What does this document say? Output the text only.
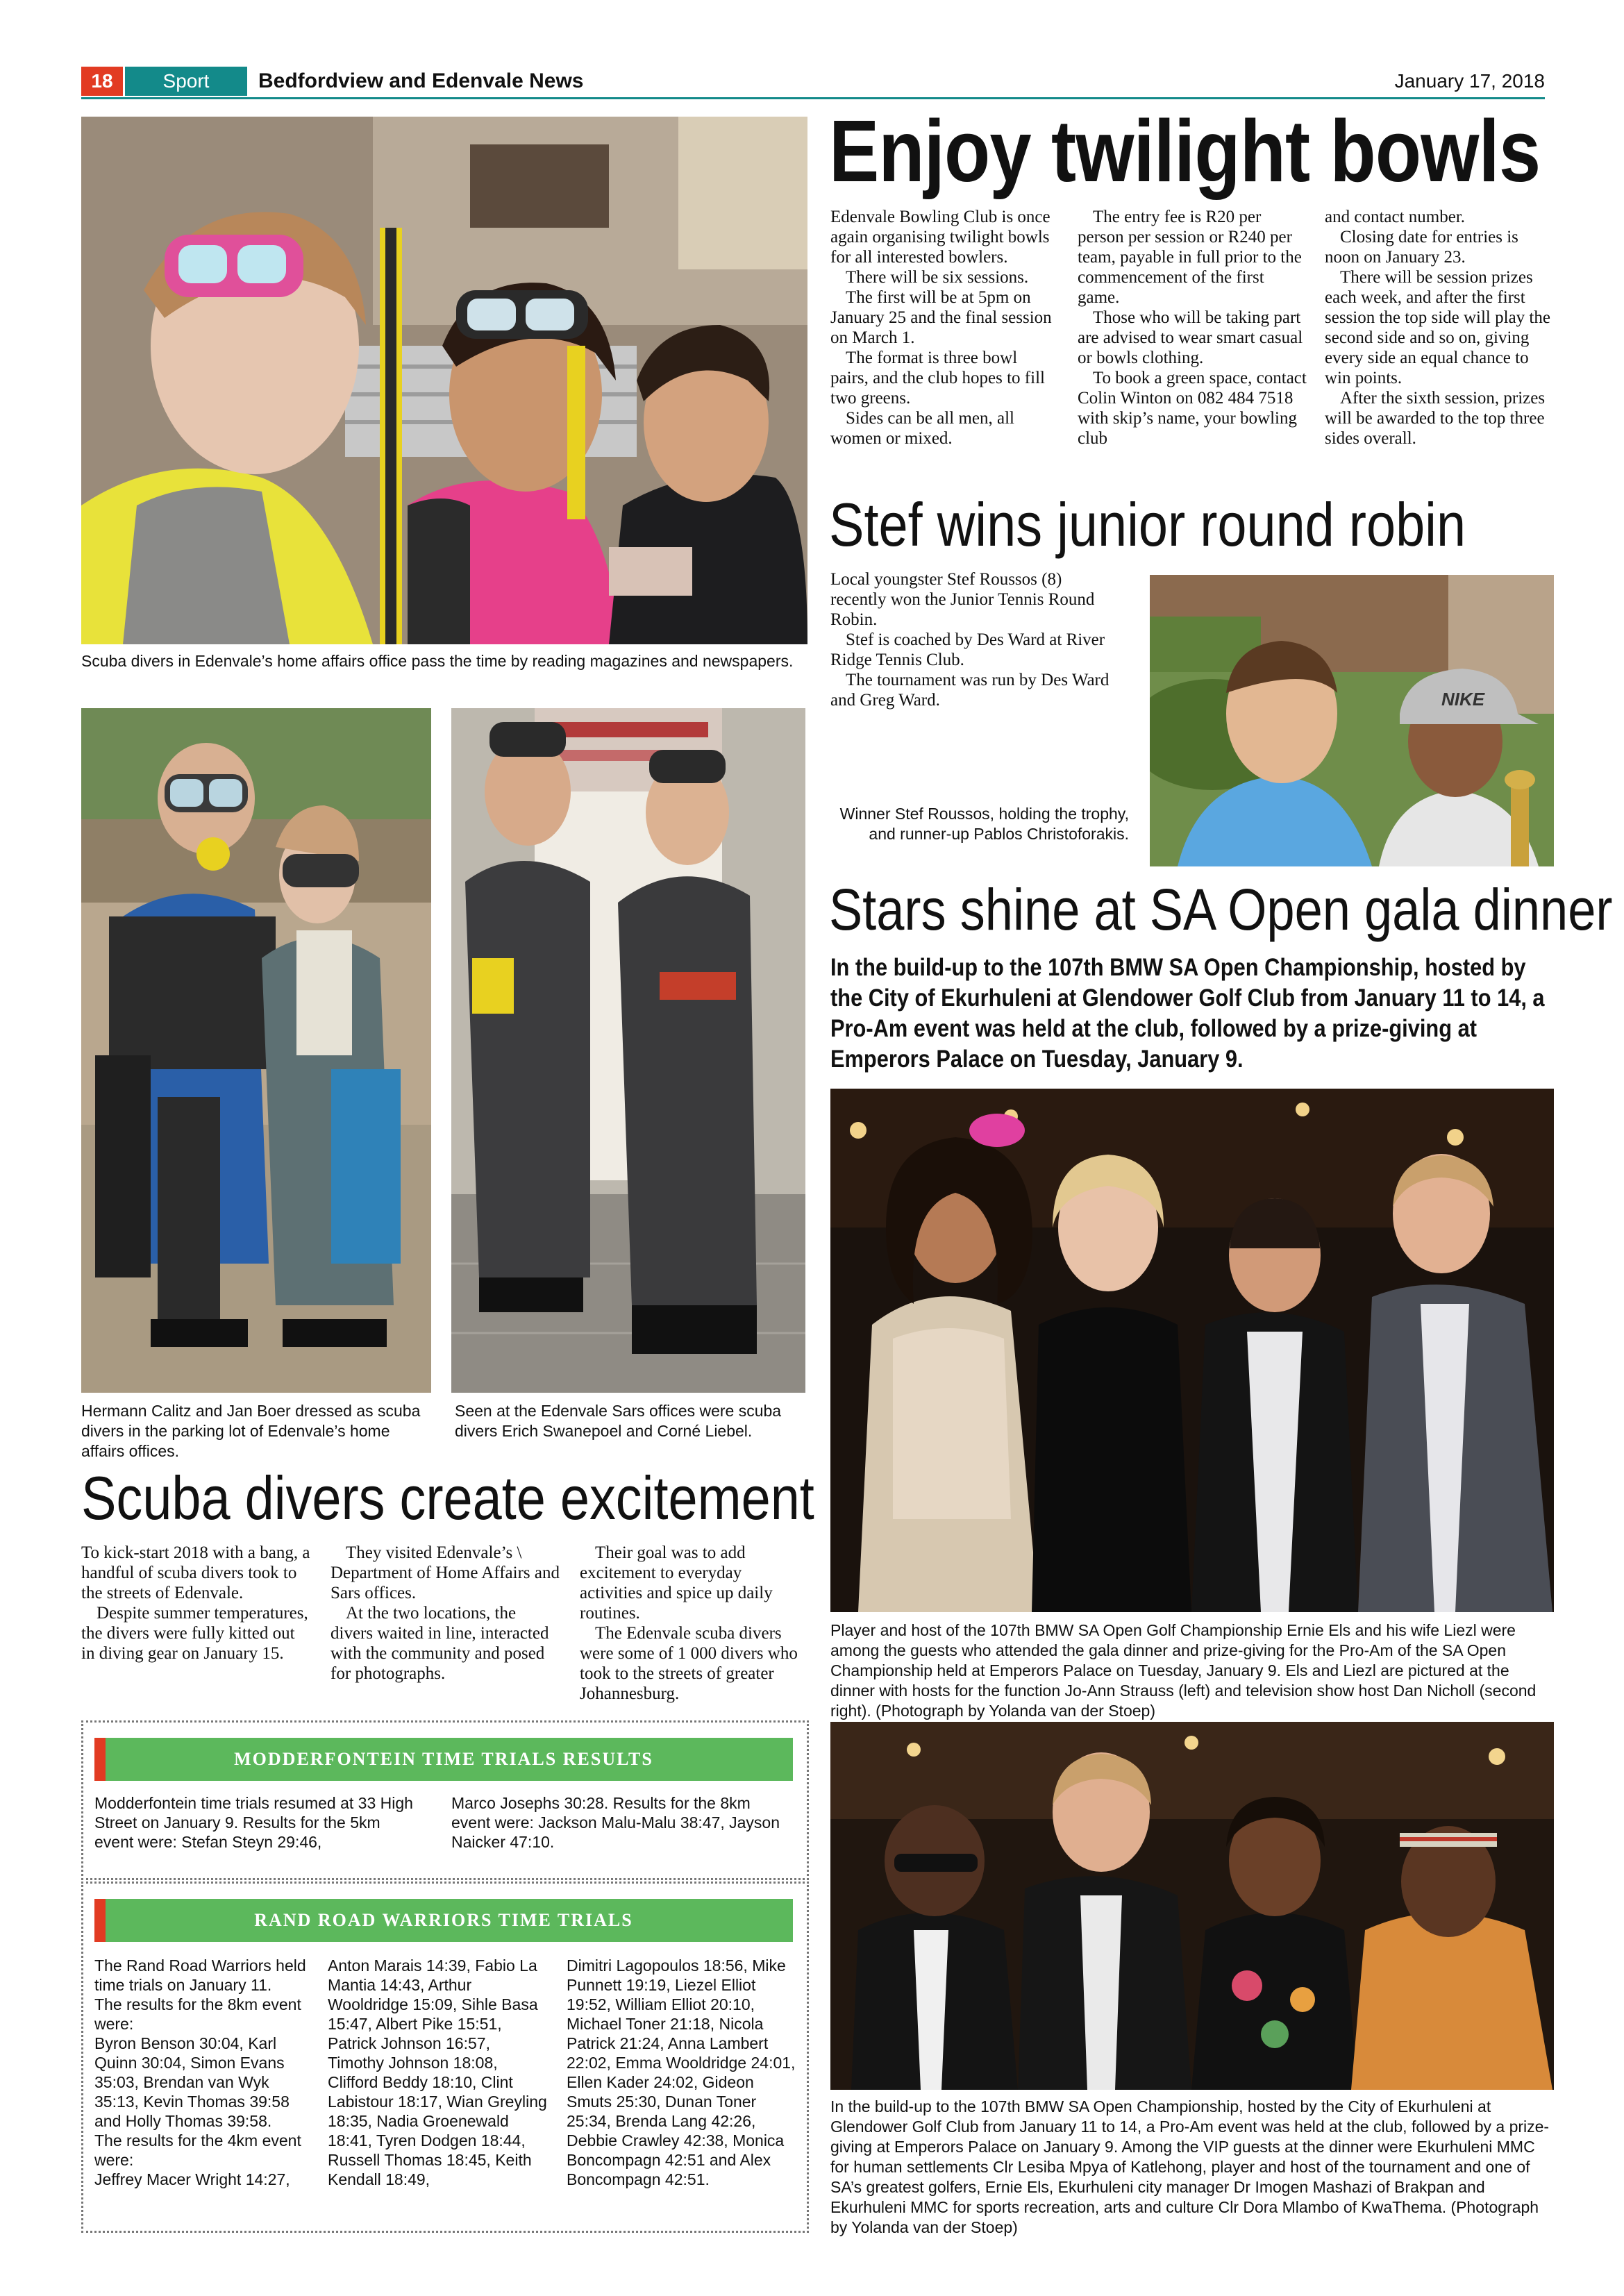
18	Sport	Bedfordview and Edenvale News	January 17, 2018
Scuba divers in Edenvale’s home affairs office pass the time by reading magazines and newspapers.
Enjoy twilight bowls

Edenvale Bowling Club is once again organising twilight bowls for all interested bowlers.

There will be six sessions.

The first will be at 5pm on January 25 and the final session on March 1.

The format is three bowl pairs, and the club hopes to fill two greens.

Sides can be all men, all women or mixed.

The entry fee is R20 per person per session or R240 per team, payable in full prior to the commencement of the first game.

Those who will be taking part are advised to wear smart casual or bowls clothing.

To book a green space, contact Colin Winton on 082 484 7518 with skip’s name, your bowling club

and contact number.

Closing date for entries is noon on January 23.

There will be session prizes each week, and after the first session the top side will play the second side and so on, giving every side an equal chance to win points.

After the sixth session, prizes will be awarded to the top three sides overall.

Stef wins junior round robin

Local youngster Stef Roussos (8) recently won the Junior Tennis Round Robin.

Stef is coached by Des Ward at River Ridge Tennis Club.

The tournament was run by Des Ward and Greg Ward.	NIKE
Winner Stef Roussos, holding the trophy, and runner-up Pablos Christoforakis.
Hermann Calitz and Jan Boer dressed as scuba divers in the parking lot of Edenvale’s home affairs offices.
Seen at the Edenvale Sars offices were scuba divers Erich Swanepoel and Corné Liebel.
Scuba divers create excitement

To kick-start 2018 with a bang, a handful of scuba divers took to the streets of Edenvale.

Despite summer temperatures, the divers were fully kitted out in diving gear on January 15.

They visited Edenvale’s \ Department of Home Affairs and Sars offices.

At the two locations, the divers waited in line, interacted with the community and posed for photographs.

Their goal was to add excitement to everyday activities and spice up daily routines.

The Edenvale scuba divers were some of 1 000 divers who took to the streets of greater Johannesburg.

MODDERFONTEIN TIME TRIALS RESULTS
Modderfontein time trials resumed at 33 High Street on January 9. Results for the 5km event were: Stefan Steyn 29:46,
Marco Josephs 30:28. Results for the 8km event were: Jackson Malu-Malu 38:47, Jayson Naicker 47:10.
RAND ROAD WARRIORS TIME TRIALS
The Rand Road Warriors held time trials on January 11.
The results for the 8km event were:
Byron Benson 30:04, Karl Quinn 30:04, Simon Evans 35:03, Brendan van Wyk 35:13, Kevin Thomas 39:58 and Holly Thomas 39:58.
The results for the 4km event were:
Jeffrey Macer Wright 14:27,
Anton Marais 14:39, Fabio La Mantia 14:43, Arthur Wooldridge 15:09, Sihle Basa 15:47, Albert Pike 15:51, Patrick Johnson 16:57, Timothy Johnson 18:08, Clifford Beddy 18:10, Clint Labistour 18:17, Wian Greyling 18:35, Nadia Groenewald 18:41, Tyren Dodgen 18:44, Russell Thomas 18:45, Keith Kendall 18:49,
Dimitri Lagopoulos 18:56, Mike Punnett 19:19, Liezel Elliot 19:52, William Elliot 20:10, Michael Toner 21:18, Nicola Patrick 21:24, Anna Lambert 22:02, Emma Wooldridge 24:01, Ellen Kader 24:02, Gideon Smuts 25:30, Dunan Toner 25:34, Brenda Lang 42:26, Debbie Crawley 42:38, Monica Boncompagn 42:51 and Alex Boncompagn 42:51.
Stars shine at SA Open gala dinner
In the build-up to the 107th BMW SA Open Championship, hosted by the City of Ekurhuleni at Glendower Golf Club from January 11 to 14, a Pro-Am event was held at the club, followed by a prize-giving at Emperors Palace on Tuesday, January 9.
Player and host of the 107th BMW SA Open Golf Championship Ernie Els and his wife Liezl were among the guests who attended the gala dinner and prize-giving for the Pro-Am of the SA Open Championship held at Emperors Palace on Tuesday, January 9. Els and Liezl are pictured at the dinner with hosts for the function Jo-Ann Strauss (left) and television show host Dan Nicholl (second right). (Photograph by Yolanda van der Stoep)
In the build-up to the 107th BMW SA Open Championship, hosted by the City of Ekurhuleni at Glendower Golf Club from January 11 to 14, a Pro-Am event was held at the club, followed by a prize-giving at Emperors Palace on January 9. Among the VIP guests at the dinner were Ekurhuleni MMC for human settlements Clr Lesiba Mpya of Katlehong, player and host of the tournament and one of SA’s greatest golfers, Ernie Els, Ekurhuleni city manager Dr Imogen Mashazi of Brakpan and Ekurhuleni MMC for sports recreation, arts and culture Clr Dora Mlambo of KwaThema. (Photograph by Yolanda van der Stoep)
